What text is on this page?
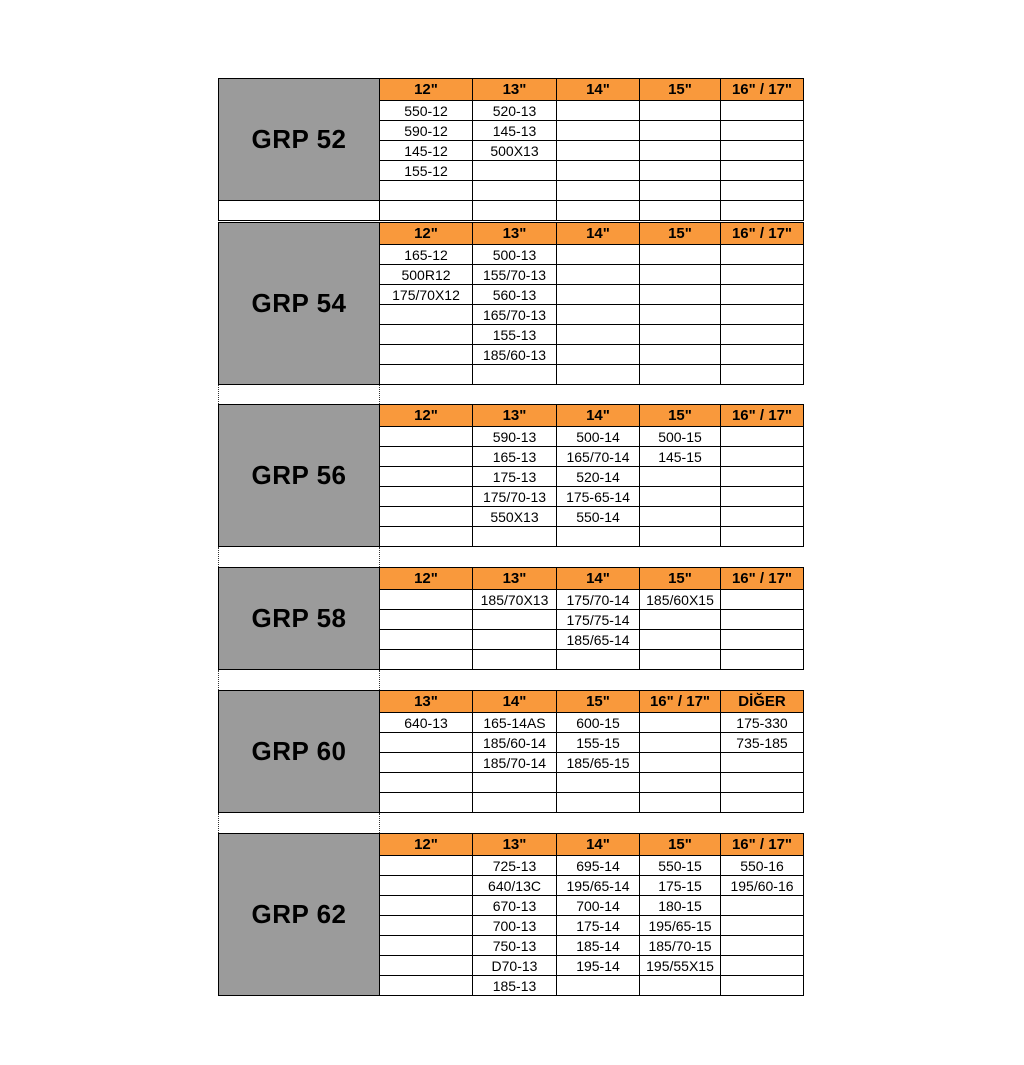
GRP 52	12"	13"	14"	15"	16" / 17"
	550-12	520-13			
	590-12	145-13			
	145-12	500X13			
	155-12				

GRP 54	12"	13"	14"	15"	16" / 17"
	165-12	500-13			
	500R12	155/70-13			
	175/70X12	560-13			
		165/70-13			
		155-13			
		185/60-13			

GRP 56	12"	13"	14"	15"	16" / 17"
		590-13	500-14	500-15	
		165-13	165/70-14	145-15	
		175-13	520-14		
		175/70-13	175-65-14		
		550X13	550-14		

GRP 58	12"	13"	14"	15"	16" / 17"
		185/70X13	175/70-14	185/60X15	
			175/75-14		
			185/65-14		

GRP 60	13"	14"	15"	16" / 17"	DİĞER
	640-13	165-14AS	600-15		175-330
		185/60-14	155-15		735-185
		185/70-14	185/65-15		

GRP 62	12"	13"	14"	15"	16" / 17"
		725-13	695-14	550-15	550-16
		640/13C	195/65-14	175-15	195/60-16
		670-13	700-14	180-15	
		700-13	175-14	195/65-15	
		750-13	185-14	185/70-15	
		D70-13	195-14	195/55X15	
		185-13			
